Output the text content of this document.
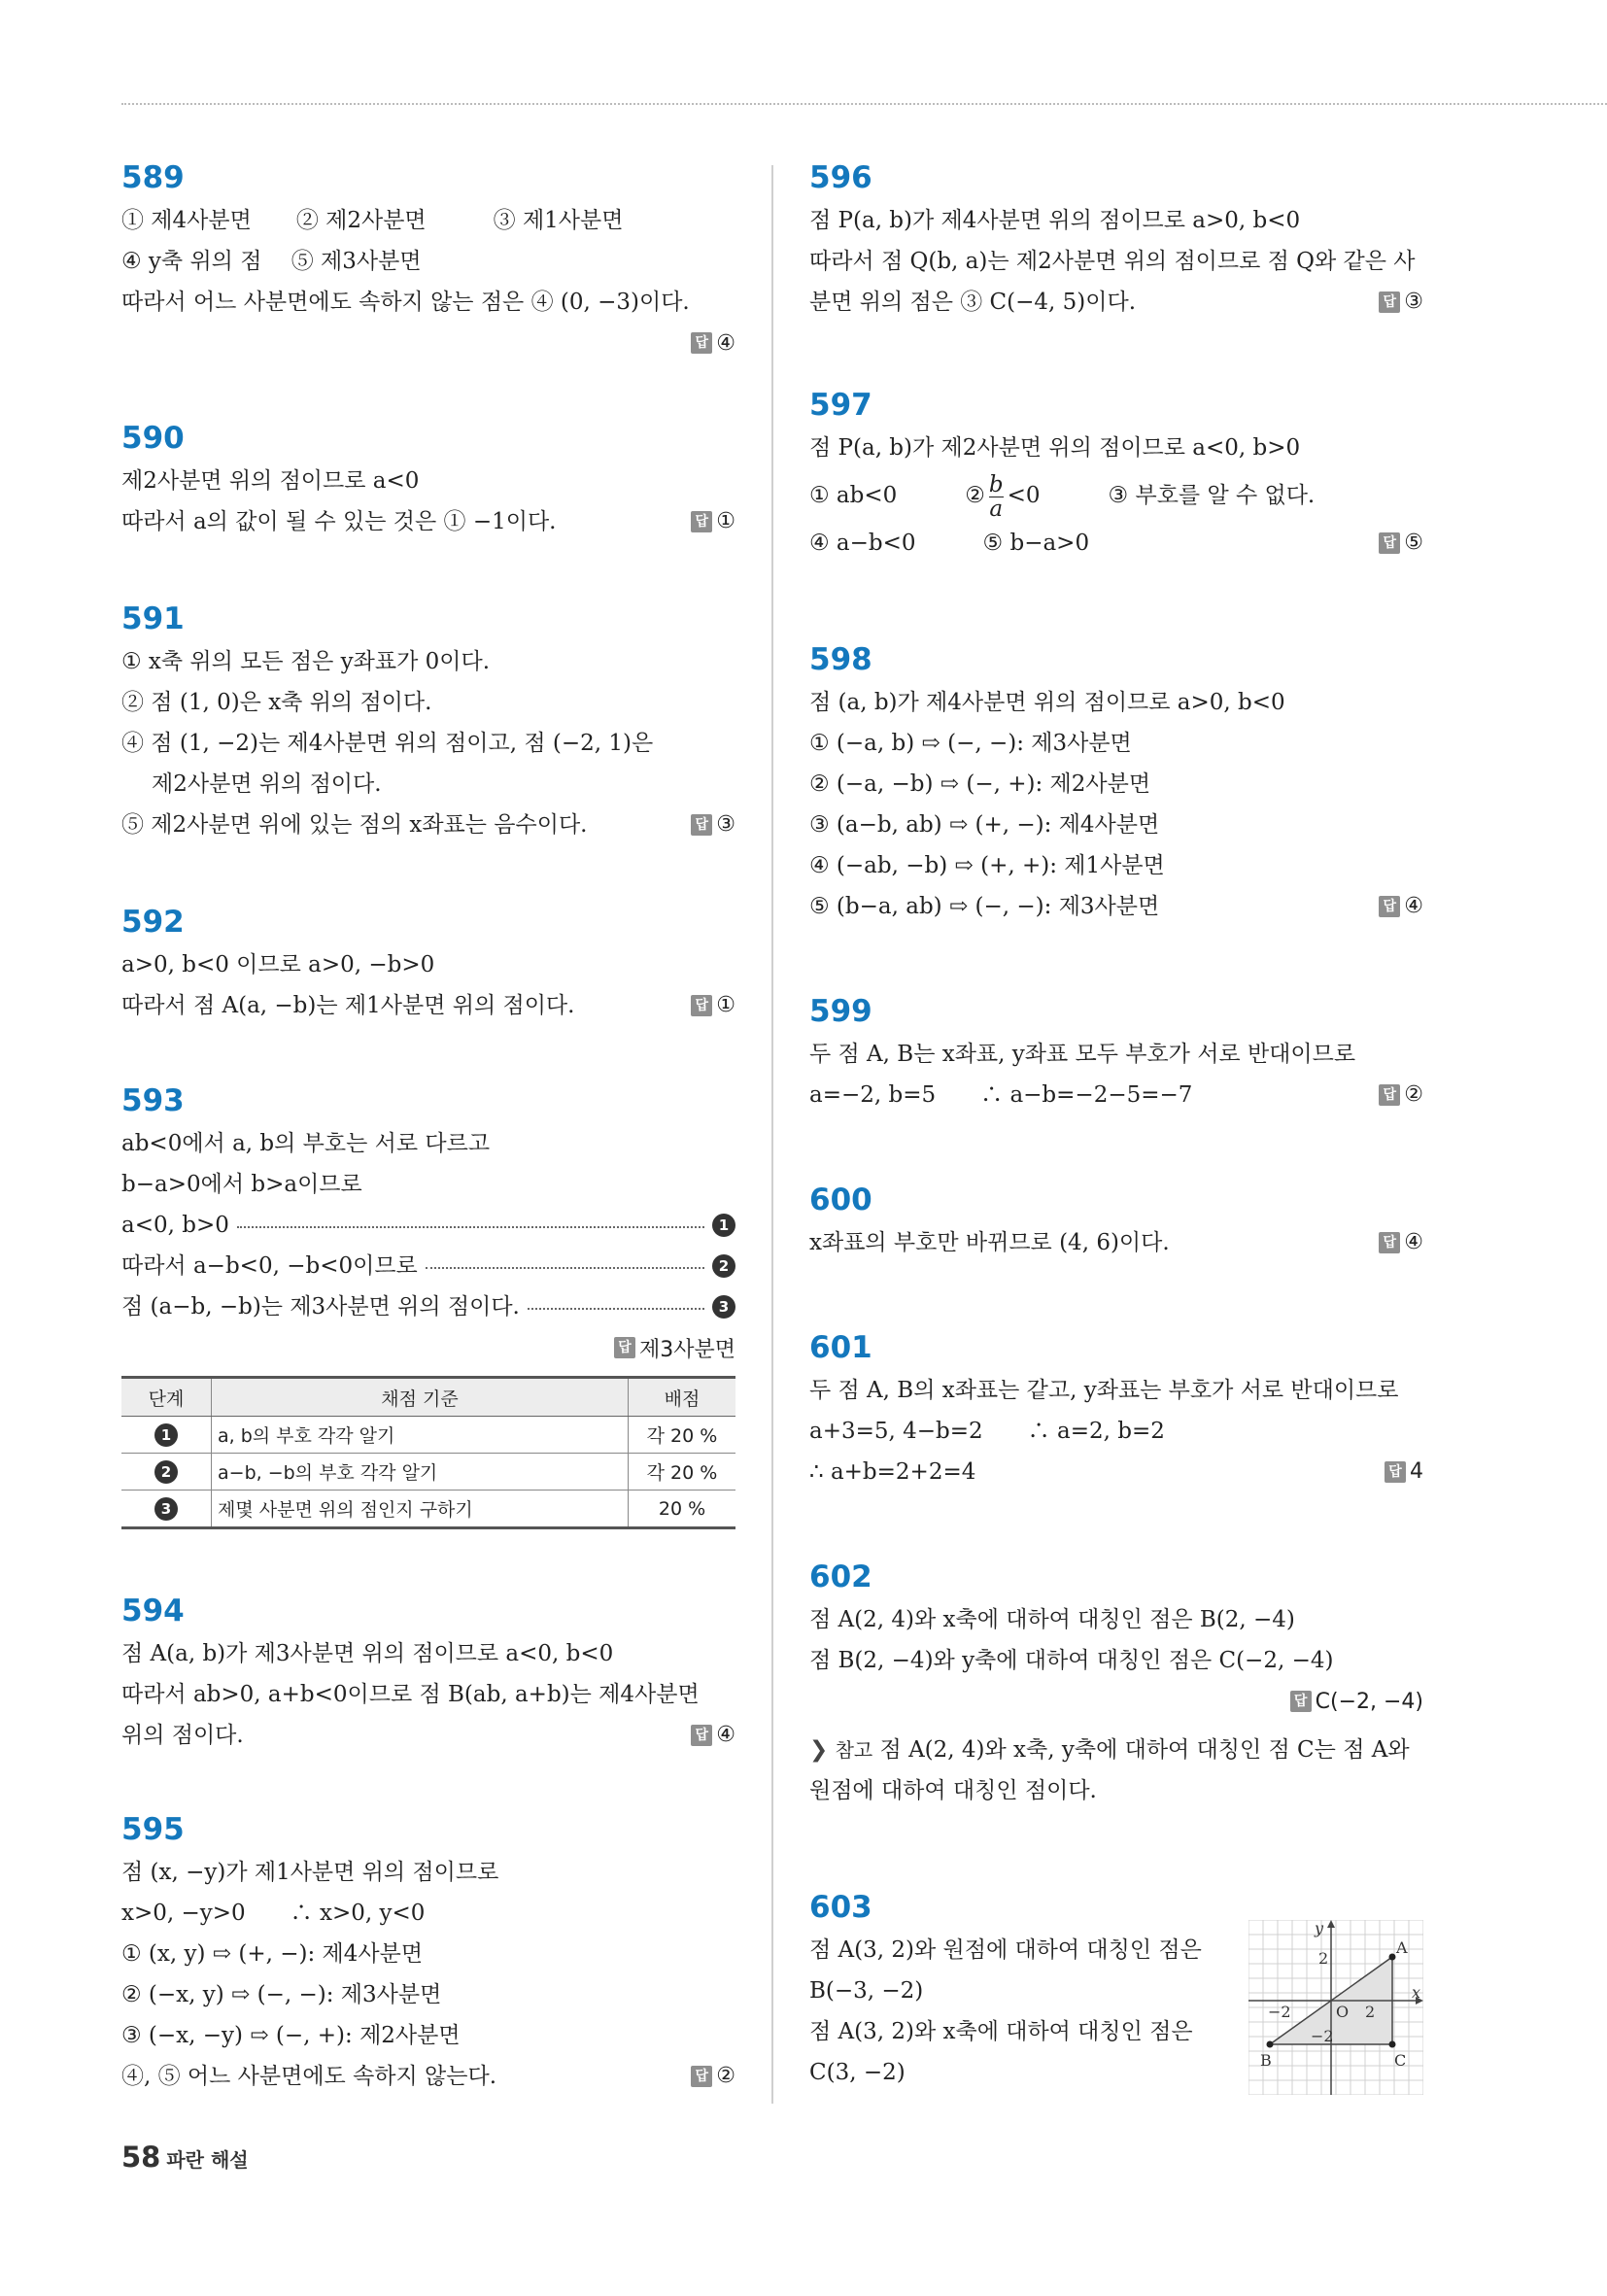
589
① 제4사분면　　② 제2사분면　　　③ 제1사분면
④ y축 위의 점　 ⑤ 제3사분면
따라서 어느 사분면에도 속하지 않는 점은 ④ (0, −3)이다.
답 ④
590
제2사분면 위의 점이므로 a<0
따라서 a의 값이 될 수 있는 것은 ① −1이다.	답 ①
591
① x축 위의 모든 점은 y좌표가 0이다.
② 점 (1, 0)은 x축 위의 점이다.
④ 점 (1, −2)는 제4사분면 위의 점이고, 점 (−2, 1)은
제2사분면 위의 점이다.
⑤ 제2사분면 위에 있는 점의 x좌표는 음수이다.	답 ③
592
a>0, b<0 이므로 a>0, −b>0
따라서 점 A(a, −b)는 제1사분면 위의 점이다.	답 ①
593
ab<0에서 a, b의 부호는 서로 다르고
b−a>0에서 b>a이므로
a<0, b>0	1
따라서 a−b<0, −b<0이므로	2
점 (a−b, −b)는 제3사분면 위의 점이다.	3
답 제3사분면
단계	채점 기준	배점
1	a, b의 부호 각각 알기	각 20 %
2	a−b, −b의 부호 각각 알기	각 20 %
3	제몇 사분면 위의 점인지 구하기	20 %
594
점 A(a, b)가 제3사분면 위의 점이므로 a<0, b<0
따라서 ab>0, a+b<0이므로 점 B(ab, a+b)는 제4사분면
위의 점이다.	답 ④
595
점 (x, −y)가 제1사분면 위의 점이므로
x>0, −y>0　　∴ x>0, y<0
① (x, y) ⇨ (+, −): 제4사분면
② (−x, y) ⇨ (−, −): 제3사분면
③ (−x, −y) ⇨ (−, +): 제2사분면
④, ⑤ 어느 사분면에도 속하지 않는다.	답 ②
596
점 P(a, b)가 제4사분면 위의 점이므로 a>0, b<0
따라서 점 Q(b, a)는 제2사분면 위의 점이므로 점 Q와 같은 사
분면 위의 점은 ③ C(−4, 5)이다.	답 ③
597
점 P(a, b)가 제2사분면 위의 점이므로 a<0, b>0
① ab<0	② $\frac{b}{a} <0$	③ 부호를 알 수 없다.
④ a−b<0　　　⑤ b−a>0	답 ⑤
598
점 (a, b)가 제4사분면 위의 점이므로 a>0, b<0
① (−a, b) ⇨ (−, −): 제3사분면
② (−a, −b) ⇨ (−, +): 제2사분면
③ (a−b, ab) ⇨ (+, −): 제4사분면
④ (−ab, −b) ⇨ (+, +): 제1사분면
⑤ (b−a, ab) ⇨ (−, −): 제3사분면	답 ④
599
두 점 A, B는 x좌표, y좌표 모두 부호가 서로 반대이므로
a=−2, b=5　　∴ a−b=−2−5=−7	답 ②
600
x좌표의 부호만 바뀌므로 (4, 6)이다.	답 ④
601
두 점 A, B의 x좌표는 같고, y좌표는 부호가 서로 반대이므로
a+3=5, 4−b=2　　∴ a=2, b=2
∴ a+b=2+2=4	답 4
602
점 A(2, 4)와 x축에 대하여 대칭인 점은 B(2, −4)
점 B(2, −4)와 y축에 대하여 대칭인 점은 C(−2, −4)
답 C(−2, −4)
❯ 참고 점 A(2, 4)와 x축, y축에 대하여 대칭인 점 C는 점 A와
원점에 대하여 대칭인 점이다.
603
점 A(3, 2)와 원점에 대하여 대칭인 점은
B(−3, −2)
점 A(3, 2)와 x축에 대하여 대칭인 점은
C(3, −2)
y
x
O
2
2
−2
−2
A
B	C
58 파란 해설
